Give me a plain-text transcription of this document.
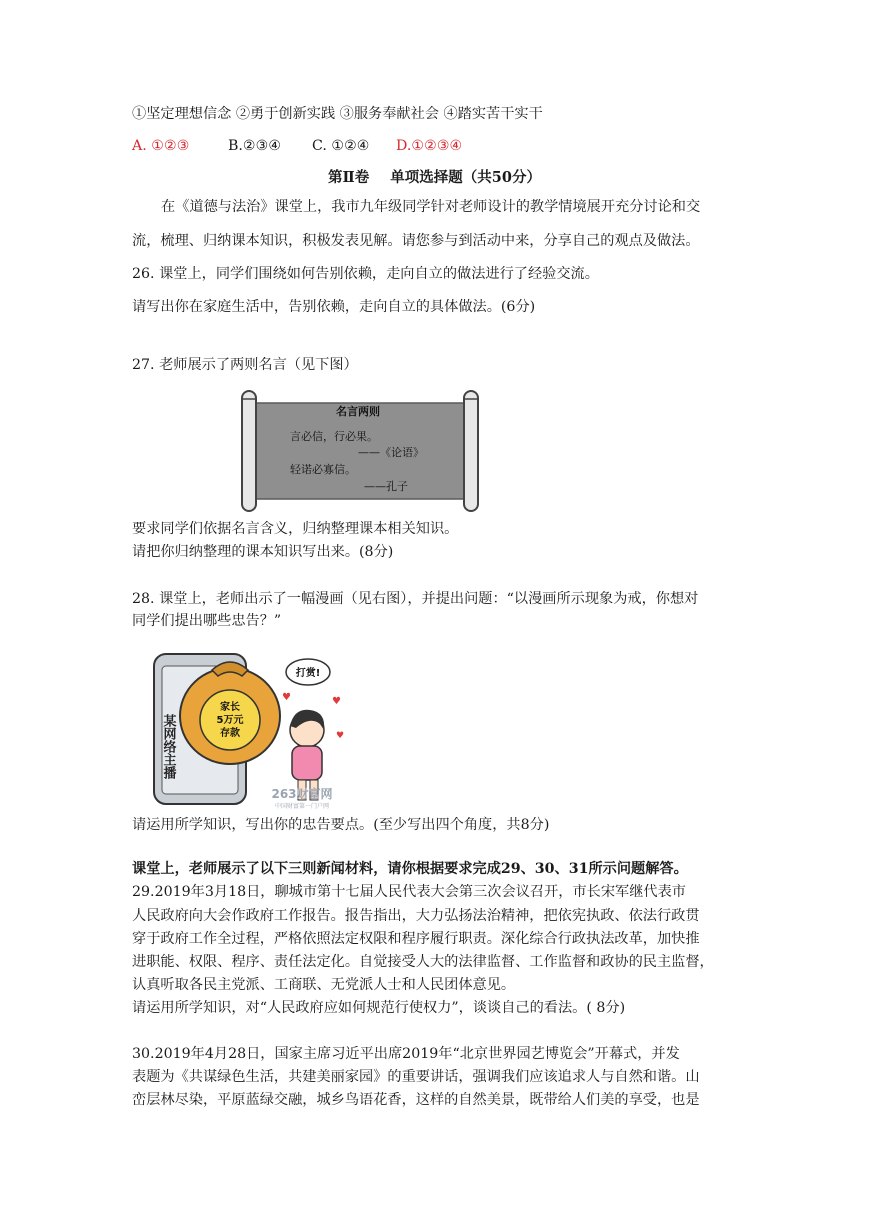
①坚定理想信念 ②勇于创新实践 ③服务奉献社会 ④踏实苦干实干
A. ①②③	B.②③④ C. ①②④ D.①②③④
第Ⅱ卷 单项选择题（共50分）
在《道德与法治》课堂上，我市九年级同学针对老师设计的教学情境展开充分讨论和交
流，梳理、归纳课本知识，积极发表见解。请您参与到活动中来，分享自己的观点及做法。
26. 课堂上，同学们围绕如何告别依赖，走向自立的做法进行了经验交流。
请写出你在家庭生活中，告别依赖，走向自立的具体做法。(6分)
27. 老师展示了两则名言（见下图）
名言两则
言必信，行必果。
——《论语》
轻诺必寡信。
——孔子
要求同学们依据名言含义，归纳整理课本相关知识。
请把你归纳整理的课本知识写出来。(8分)
28. 课堂上，老师出示了一幅漫画（见右图），并提出问题：“以漫画所示现象为戒，你想对
同学们提出哪些忠告？”
某网络主播
家长
5万元
存款
打赏!
♥	♥
♥
263财富网
中国财富第一门户网
请运用所学知识，写出你的忠告要点。(至少写出四个角度，共8分)
课堂上，老师展示了以下三则新闻材料，请你根据要求完成29、30、31所示问题解答。
29.2019年3月18日，聊城市第十七届人民代表大会第三次会议召开，市长宋军继代表市
人民政府向大会作政府工作报告。报告指出，大力弘扬法治精神，把依宪执政、依法行政贯
穿于政府工作全过程，严格依照法定权限和程序履行职责。深化综合行政执法改革，加快推
进职能、权限、程序、责任法定化。自觉接受人大的法律监督、工作监督和政协的民主监督，
认真听取各民主党派、工商联、无党派人士和人民团体意见。
请运用所学知识，对“人民政府应如何规范行使权力”，谈谈自己的看法。( 8分)
30.2019年4月28日，国家主席习近平出席2019年“北京世界园艺博览会”开幕式，并发
表题为《共谋绿色生活，共建美丽家园》的重要讲话，强调我们应该追求人与自然和谐。山
峦层林尽染，平原蓝绿交融，城乡鸟语花香，这样的自然美景，既带给人们美的享受，也是
